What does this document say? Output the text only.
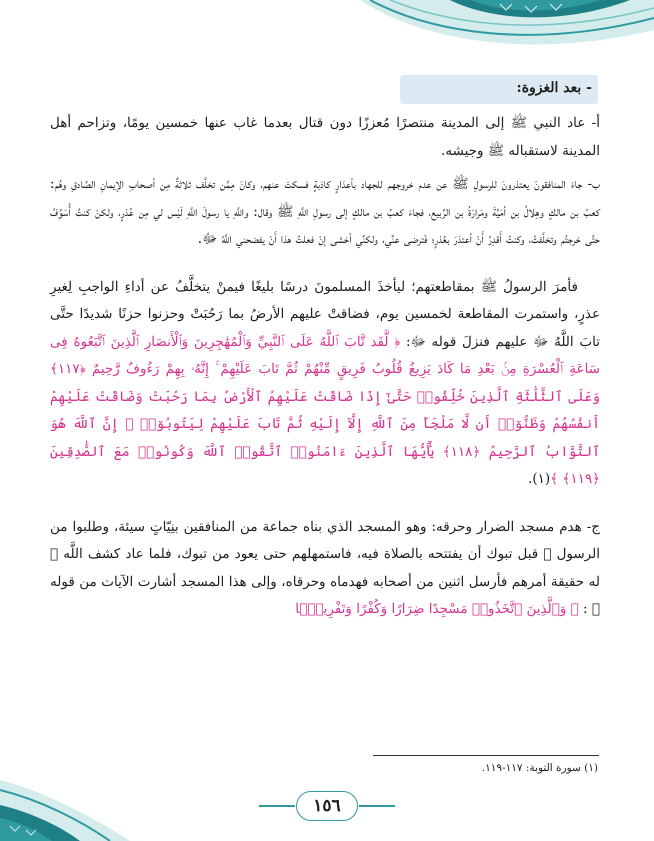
- بعد الغزوة:

أ- عاد النبي ﷺ إلى المدينة منتصرًا مُعززًا دون قتال بعدما غاب عنها خمسين يومًا، وتزاحم أهل المدينة لاستقباله ﷺ وجيشه.

ب- جاءَ المنافقونَ يعتذرونَ للرسولِ ﷺ عن عدم خروجهم للجهاد بأعذارٍ كاذبةٍ فسكتَ عنهم، وكانَ مِمَّن تخلَّف ثلاثةٌ مِن أصحابِ الإيمانِ الصَّادقِ وهُم: كعبُ بن مالكٍ وهِلالُ بن أمَيَّةَ ومَرارَةُ بن الرَّبيع، فجاءَ كعبُ بن مالكٍ إلى رسولِ اللَّهِ ﷺ وقال: واللَّهِ يا رسولَ اللَّهِ لَيْس لي مِن عُذرٍ، ولكنْ كنتُ أُسَوِّفُ حتَّى خرجتُم وتخلَّفتُ، وكنتُ أَقدِرُ أَنْ أعتذرَ بعُذرٍ؛ فَترضى عنِّي، ولكنِّي أخشى إنْ فعلتُ هذا أَنْ يفضحني اللَّهُ ﷻ.

فأمرَ الرسولُ ﷺ بمقاطعتهم؛ ليأخذَ المسلمونَ درسًا بليغًا فيمنْ يتخلَّفُ عن أداءِ الواجبِ لِغيرِ عذرٍ، واستمرت المقاطعة لخمسين يوم، فضاقتْ عليهم الأرضُ بما رَحُبَتْ وحزنوا حزنًا شديدًا حتَّى تابَ اللَّهُ ﷻ عليهم فنزلَ قوله ﷻ: ﴿ لَّقَد تَّابَ ٱللَّهُ عَلَى ٱلنَّبِيِّ وَٱلْمُهَٰجِرِينَ وَٱلْأَنصَارِ ٱلَّذِينَ ٱتَّبَعُوهُ فِى سَاعَةِ ٱلْعُسْرَةِ مِنۢ بَعْدِ مَا كَادَ يَزِيغُ قُلُوبُ فَرِيقٍ مِّنْهُمْ ثُمَّ تَابَ عَلَيْهِمْ ۚ إِنَّهُۥ بِهِمْ رَءُوفٌ رَّحِيمٌ ﴿١١٧﴾ وَعَلَى ٱلثَّلَٰثَةِ ٱلَّذِينَ خُلِّفُوا۟ حَتَّىٰٓ إِذَا ضَاقَتْ عَلَيْهِمُ ٱلْأَرْضُ بِمَا رَحُبَتْ وَضَاقَتْ عَلَيْهِمْ أَنفُسُهُمْ وَظَنُّوٓا۟ أَن لَّا مَلْجَأَ مِنَ ٱللَّهِ إِلَّآ إِلَيْهِ ثُمَّ تَابَ عَلَيْهِمْ لِيَتُوبُوٓا۟ ۚ إِنَّ ٱللَّهَ هُوَ ٱلتَّوَّابُ ٱلرَّحِيمُ ﴿١١٨﴾ يَٰٓأَيُّهَا ٱلَّذِينَ ءَامَنُوا۟ ٱتَّقُوا۟ ٱللَّهَ وَكُونُوا۟ مَعَ ٱلصَّٰدِقِينَ ﴿١١٩﴾ ﴾(١).

ج- هدم مسجد الضرار وحرقه: وهو المسجد الذي بناه جماعة من المنافقين بنِيّاتٍ سيئة، وطلبوا من الرسول ﷺ قبل تبوك أن يفتتحه بالصلاة فيه، فاستمهلهم حتى يعود من تبوك، فلما عاد كشف اللَّه ﷻ له حقيقة أمرهم فأرسل اثنين من أصحابه فهدماه وحرقاه، وإلى هذا المسجد أشارت الآيات من قوله ﷻ : ﴿ وَٱلَّذِينَ ٱتَّخَذُوا۟ مَسْجِدًا ضِرَارًا وَكُفْرًا وَتَفْرِيقًۢا

(١) سورة التوبة: ١١٧-١١٩.
١٥٦
